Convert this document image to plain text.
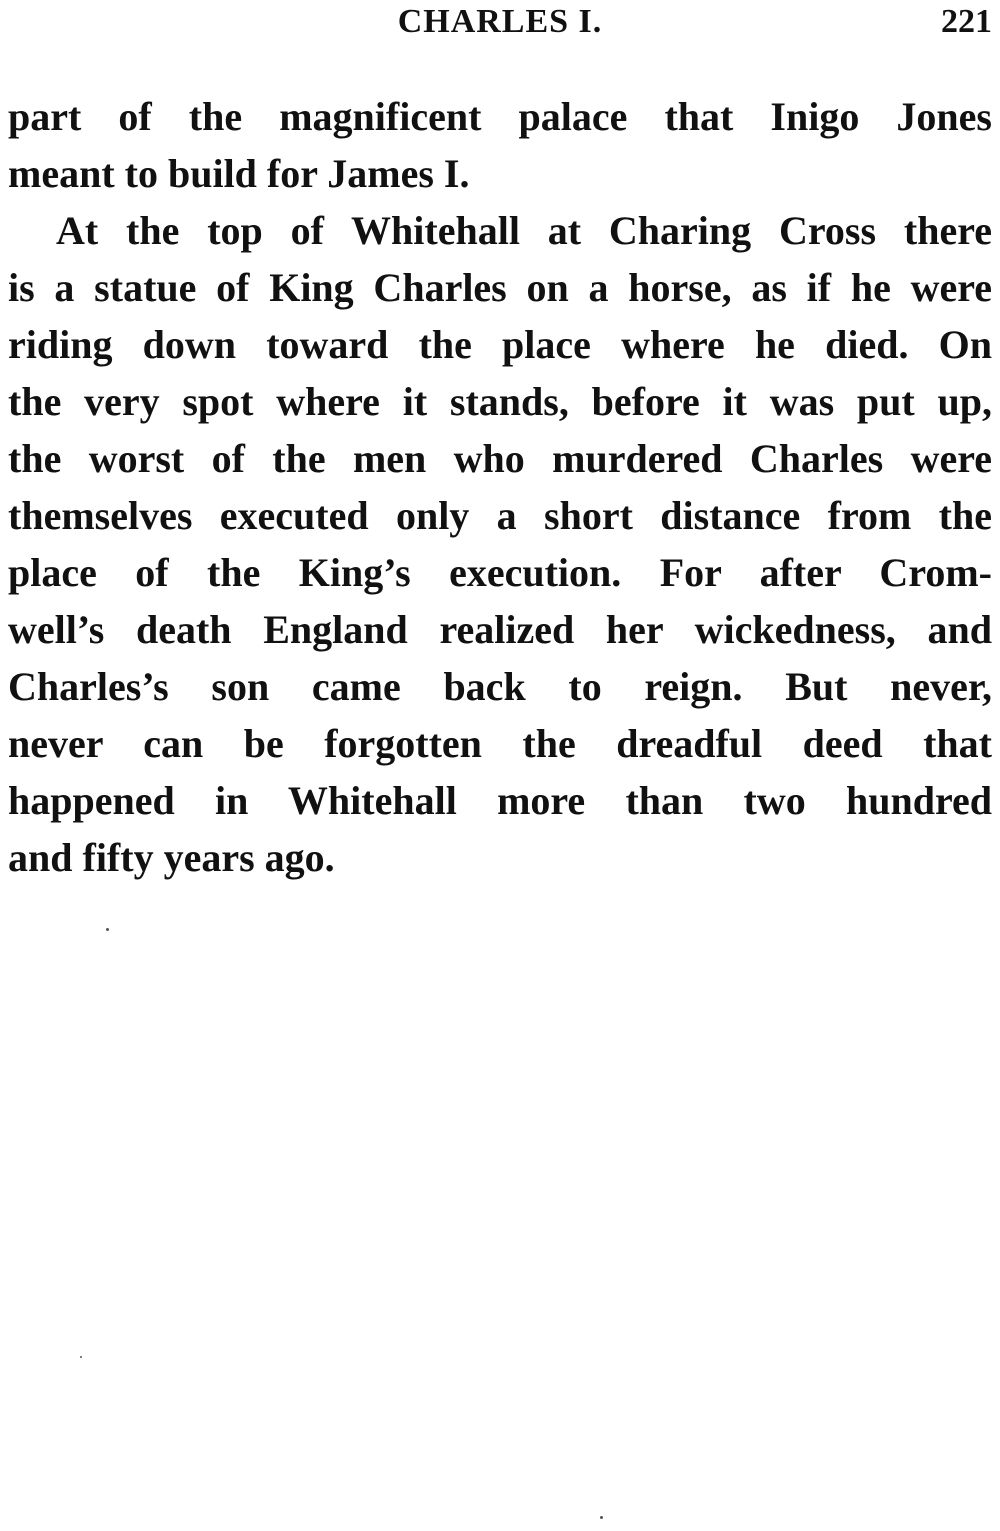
CHARLES I.	221
part of the magnificent palace that Inigo Jones
meant to build for James I.
At the top of Whitehall at Charing Cross there
is a statue of King Charles on a horse, as if he were
riding down toward the place where he died. On
the very spot where it stands, before it was put up,
the worst of the men who murdered Charles were
themselves executed only a short distance from the
place of the King’s execution. For after Crom-
well’s death England realized her wickedness, and
Charles’s son came back to reign. But never,
never can be forgotten the dreadful deed that
happened in Whitehall more than two hundred
and fifty years ago.
